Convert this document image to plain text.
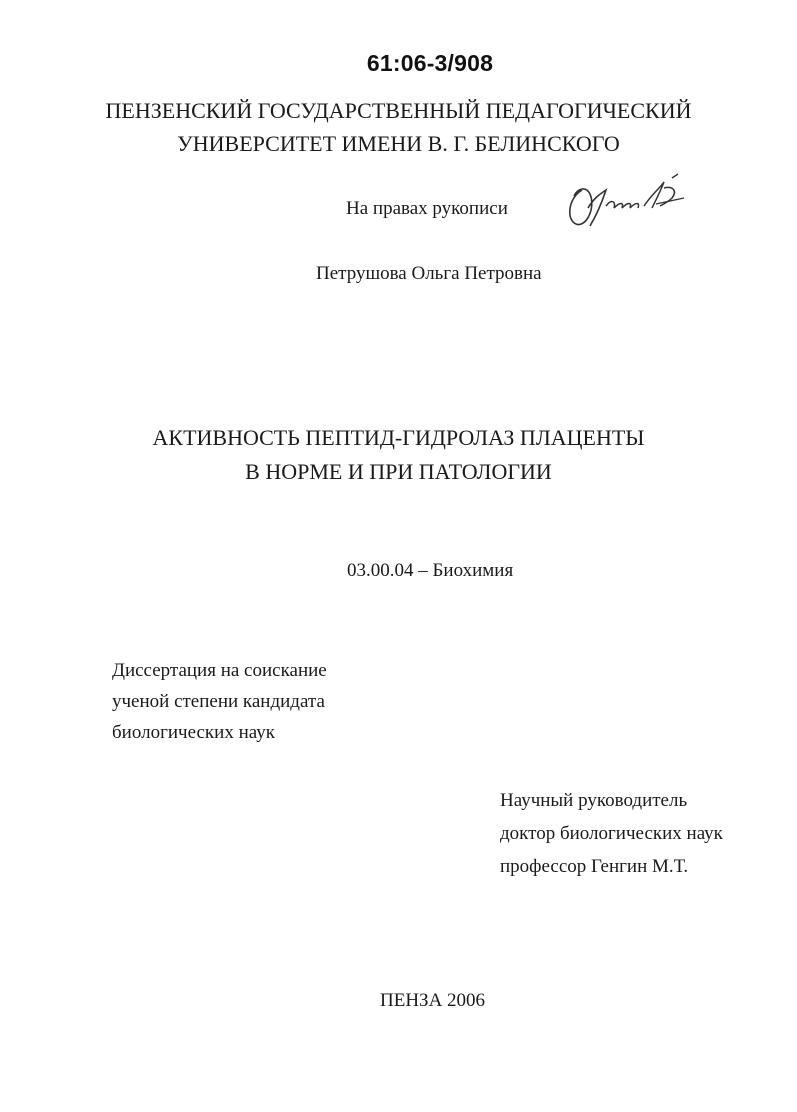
61:06-3/908
ПЕНЗЕНСКИЙ ГОСУДАРСТВЕННЫЙ ПЕДАГОГИЧЕСКИЙ
УНИВЕРСИТЕТ ИМЕНИ В. Г. БЕЛИНСКОГО
На правах рукописи
Петрушова Ольга Петровна
АКТИВНОСТЬ ПЕПТИД-ГИДРОЛАЗ ПЛАЦЕНТЫ
В НОРМЕ И ПРИ ПАТОЛОГИИ
03.00.04 – Биохимия
Диссертация на соискание
ученой степени кандидата
биологических наук
Научный руководитель
доктор биологических наук
профессор Генгин М.Т.
ПЕНЗА 2006
